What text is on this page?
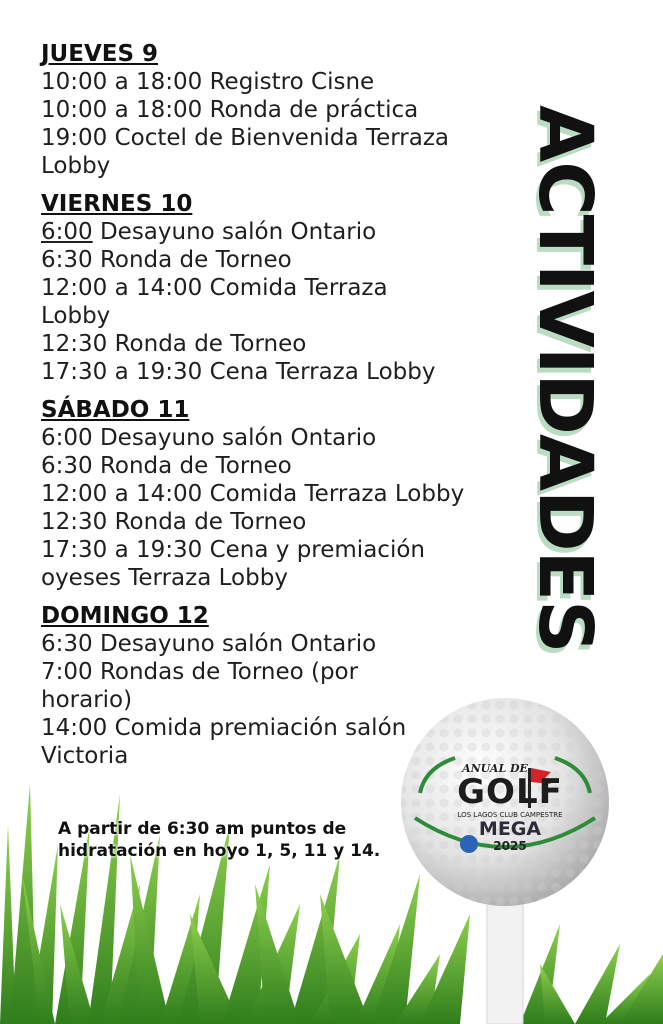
JUEVES 9
10:00 a 18:00 Registro Cisne
10:00 a 18:00 Ronda de práctica
19:00 Coctel de Bienvenida Terraza
Lobby
VIERNES 10
6:00 Desayuno salón Ontario
6:30 Ronda de Torneo
12:00 a 14:00 Comida Terraza
Lobby
12:30 Ronda de Torneo
17:30 a 19:30 Cena Terraza Lobby
SÁBADO 11
6:00 Desayuno salón Ontario
6:30 Ronda de Torneo
12:00 a 14:00 Comida Terraza Lobby
12:30 Ronda de Torneo
17:30 a 19:30 Cena y premiación
oyeses Terraza Lobby
DOMINGO 12
6:30 Desayuno salón Ontario
7:00 Rondas de Torneo (por
horario)
14:00 Comida premiación salón
Victoria
ACTIVIDADES
ANUAL DE
GOLF
LOS LAGOS CLUB CAMPESTRE
MEGA
2025
A partir de 6:30 am puntos de hidratación en hoyo 1, 5, 11 y 14.
